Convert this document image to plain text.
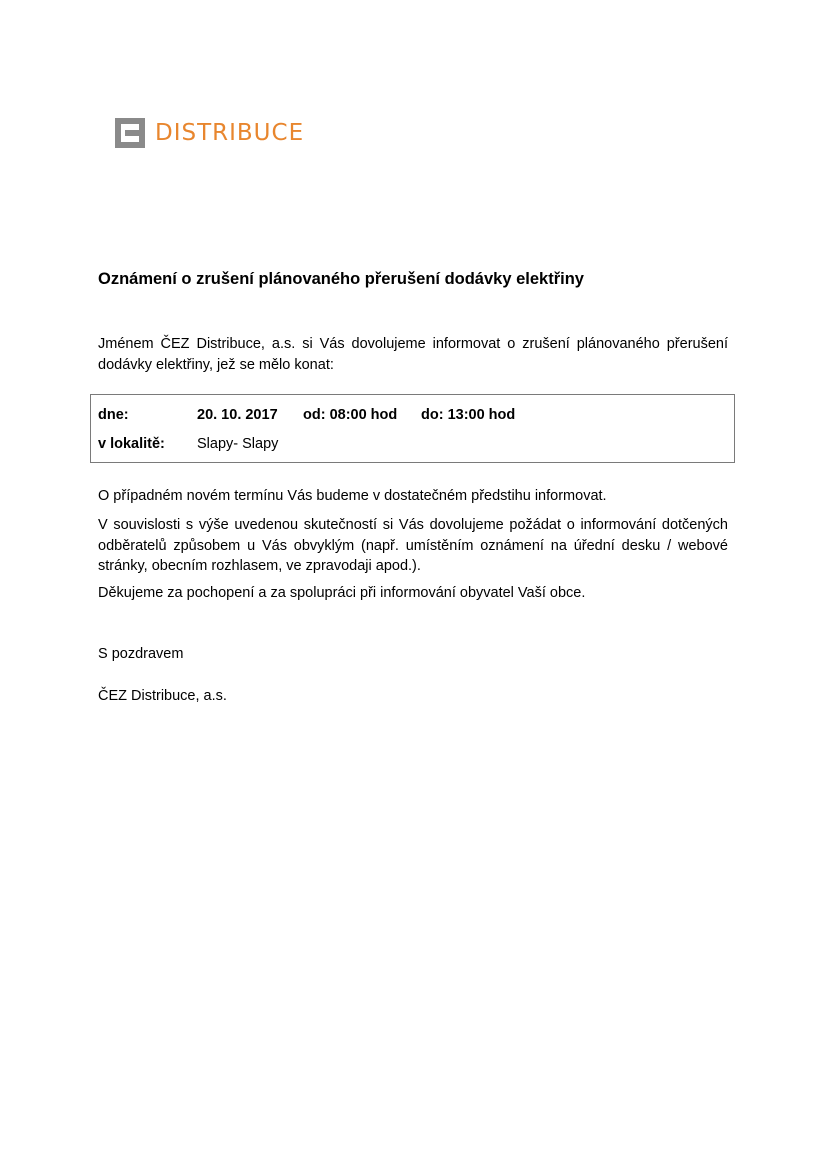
DISTRIBUCE
Oznámení o zrušení plánovaného přerušení dodávky elektřiny
Jménem ČEZ Distribuce, a.s. si Vás dovolujeme informovat o zrušení plánovaného přerušení dodávky elektřiny, jež se mělo konat:
dne:	20. 10. 2017 od: 08:00 hod do: 13:00 hod
v lokalitě: Slapy- Slapy
O případném novém termínu Vás budeme v dostatečném předstihu informovat.
V souvislosti s výše uvedenou skutečností si Vás dovolujeme požádat o informování dotčených odběratelů způsobem u Vás obvyklým (např. umístěním oznámení na úřední desku / webové stránky, obecním rozhlasem, ve zpravodaji apod.).
Děkujeme za pochopení a za spolupráci při informování obyvatel Vaší obce.
S pozdravem
ČEZ Distribuce, a.s.
